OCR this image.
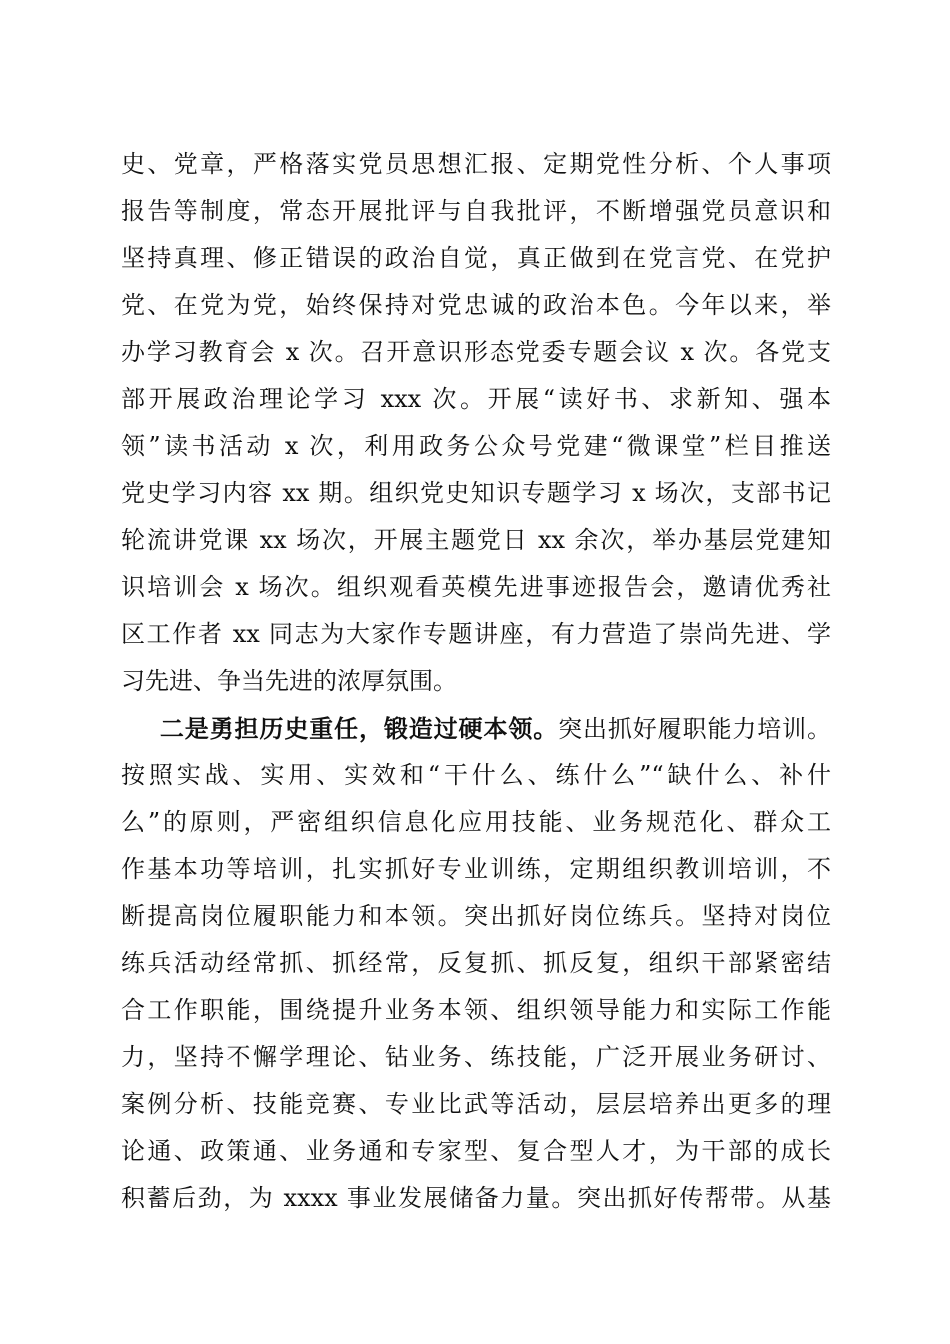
史、党章，严格落实党员思想汇报、定期党性分析、个人事项
报告等制度，常态开展批评与自我批评，不断增强党员意识和
坚持真理、修正错误的政治自觉，真正做到在党言党、在党护
党、在党为党，始终保持对党忠诚的政治本色。今年以来，举
办学习教育会 x 次。召开意识形态党委专题会议 x 次。各党支
部开展政治理论学习 xxx 次。开展“读好书、求新知、强本
领”读书活动 x 次，利用政务公众号党建“微课堂”栏目推送
党史学习内容 xx 期。组织党史知识专题学习 x 场次，支部书记
轮流讲党课 xx 场次，开展主题党日 xx 余次，举办基层党建知
识培训会 x 场次。组织观看英模先进事迹报告会，邀请优秀社
区工作者 xx 同志为大家作专题讲座，有力营造了崇尚先进、学
习先进、争当先进的浓厚氛围。
二是勇担历史重任，锻造过硬本领。突出抓好履职能力培训。
按照实战、实用、实效和“干什么、练什么”“缺什么、补什
么”的原则，严密组织信息化应用技能、业务规范化、群众工
作基本功等培训，扎实抓好专业训练，定期组织教训培训，不
断提高岗位履职能力和本领。突出抓好岗位练兵。坚持对岗位
练兵活动经常抓、抓经常，反复抓、抓反复，组织干部紧密结
合工作职能，围绕提升业务本领、组织领导能力和实际工作能
力，坚持不懈学理论、钻业务、练技能，广泛开展业务研讨、
案例分析、技能竞赛、专业比武等活动，层层培养出更多的理
论通、政策通、业务通和专家型、复合型人才，为干部的成长
积蓄后劲，为 xxxx 事业发展储备力量。突出抓好传帮带。从基
